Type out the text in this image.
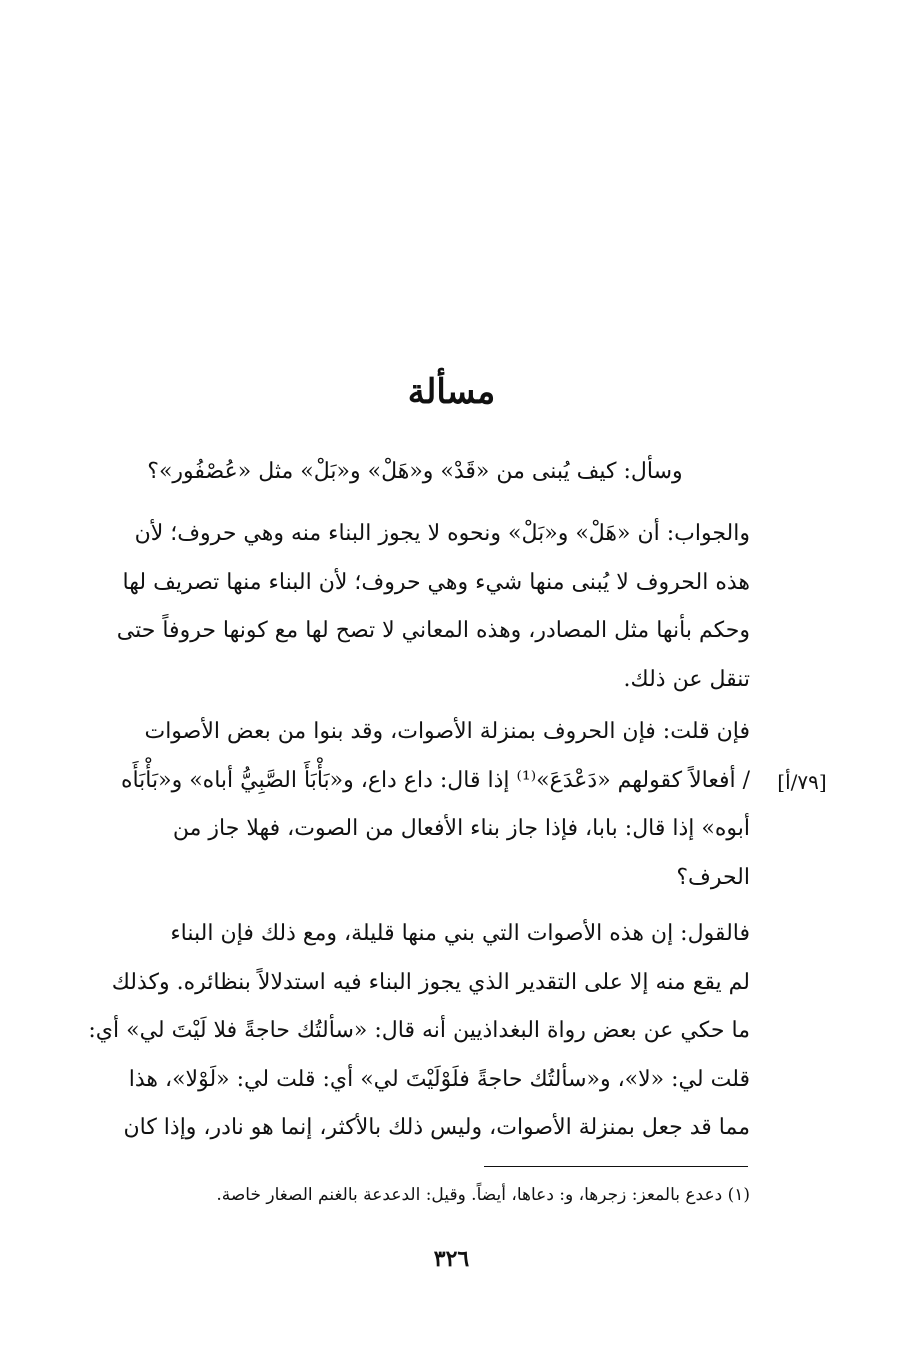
مسألة
وسأل: كيف يُبنى من «قَدْ» و«هَلْ» و«بَلْ» مثل «عُصْفُور»؟
والجواب: أن «هَلْ» و«بَلْ» ونحوه لا يجوز البناء منه وهي حروف؛ لأن
هذه الحروف لا يُبنى منها شيء وهي حروف؛ لأن البناء منها تصريف لها
وحكم بأنها مثل المصادر، وهذه المعاني لا تصح لها مع كونها حروفاً حتى
تنقل عن ذلك.
فإن قلت: فإن الحروف بمنزلة الأصوات، وقد بنوا من بعض الأصوات
/ أفعالاً كقولهم «دَعْدَعَ»⁽¹⁾ إذا قال: داع داع، و«بَأْبَأَ الصَّبِيُّ أباه» و«بَأْبَأَه
أبوه» إذا قال: بابا، فإذا جاز بناء الأفعال من الصوت، فهلا جاز من
الحرف؟
[٧٩/أ]
فالقول: إن هذه الأصوات التي بني منها قليلة، ومع ذلك فإن البناء
لم يقع منه إلا على التقدير الذي يجوز البناء فيه استدلالاً بنظائره. وكذلك
ما حكي عن بعض رواة البغداذيين أنه قال: «سألتُك حاجةً فلا لَيْتَ لي» أي:
قلت لي: «لا»، و«سألتُك حاجةً فلَوْلَيْتَ لي» أي: قلت لي: «لَوْلا»، هذا
مما قد جعل بمنزلة الأصوات، وليس ذلك بالأكثر، إنما هو نادر، وإذا كان
(١) دعدع بالمعز: زجرها، و: دعاها، أيضاً. وقيل: الدعدعة بالغنم الصغار خاصة.
٣٢٦
